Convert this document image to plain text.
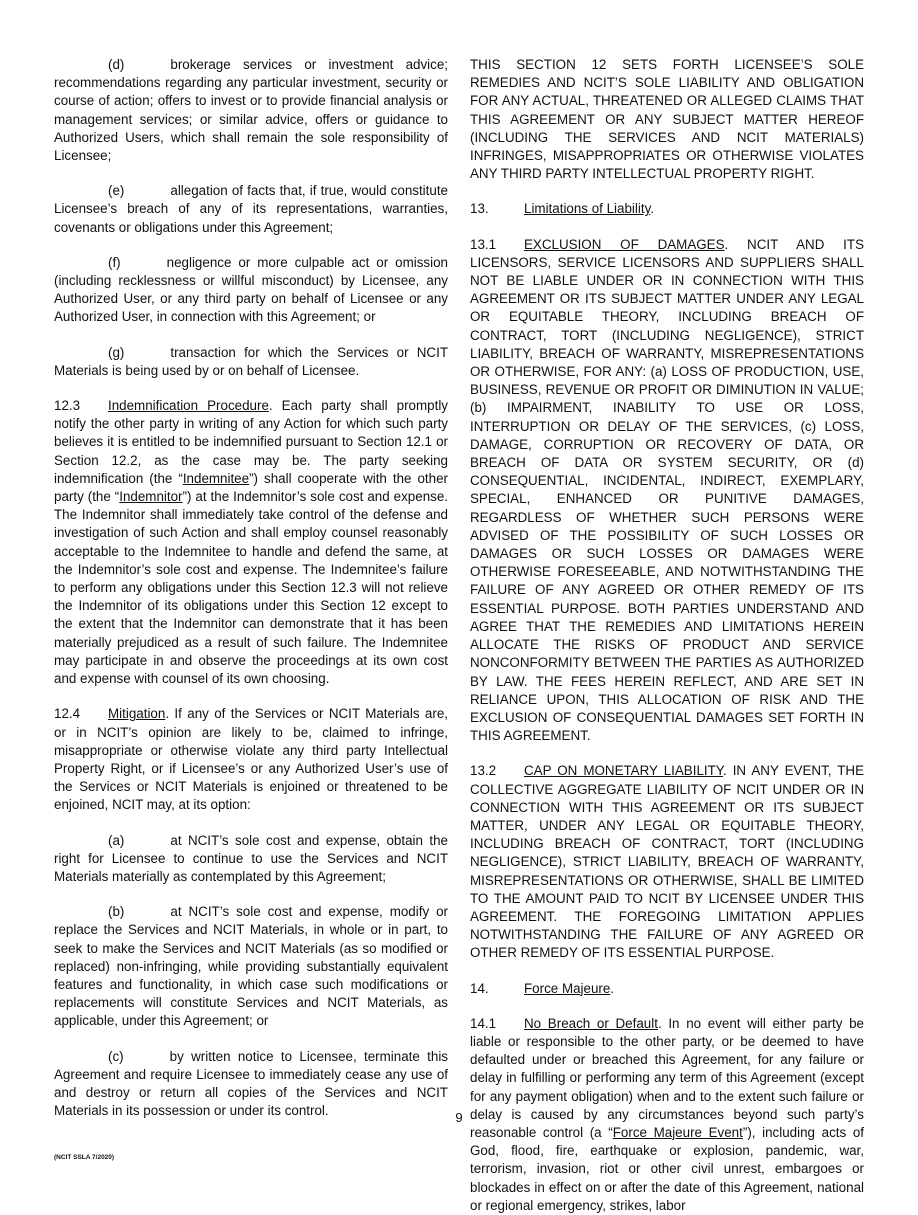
(d)	brokerage services or investment advice; recommendations regarding any particular investment, security or course of action; offers to invest or to provide financial analysis or management services; or similar advice, offers or guidance to Authorized Users, which shall remain the sole responsibility of Licensee;

(e)	allegation of facts that, if true, would constitute Licensee’s breach of any of its representations, warranties, covenants or obligations under this Agreement;

(f)	negligence or more culpable act or omission (including recklessness or willful misconduct) by Licensee, any Authorized User, or any third party on behalf of Licensee or any Authorized User, in connection with this Agreement; or

(g)	transaction for which the Services or NCIT Materials is being used by or on behalf of Licensee.

12.3 Indemnification Procedure. Each party shall promptly notify the other party in writing of any Action for which such party believes it is entitled to be indemnified pursuant to Section 12.1 or Section 12.2, as the case may be. The party seeking indemnification (the “Indemnitee”) shall cooperate with the other party (the “Indemnitor”) at the Indemnitor’s sole cost and expense. The Indemnitor shall immediately take control of the defense and investigation of such Action and shall employ counsel reasonably acceptable to the Indemnitee to handle and defend the same, at the Indemnitor’s sole cost and expense. The Indemnitee’s failure to perform any obligations under this Section 12.3 will not relieve the Indemnitor of its obligations under this Section 12 except to the extent that the Indemnitor can demonstrate that it has been materially prejudiced as a result of such failure. The Indemnitee may participate in and observe the proceedings at its own cost and expense with counsel of its own choosing.

12.4 Mitigation. If any of the Services or NCIT Materials are, or in NCIT’s opinion are likely to be, claimed to infringe, misappropriate or otherwise violate any third party Intellectual Property Right, or if Licensee’s or any Authorized User’s use of the Services or NCIT Materials is enjoined or threatened to be enjoined, NCIT may, at its option:

(a)	at NCIT’s sole cost and expense, obtain the right for Licensee to continue to use the Services and NCIT Materials materially as contemplated by this Agreement;

(b)	at NCIT’s sole cost and expense, modify or replace the Services and NCIT Materials, in whole or in part, to seek to make the Services and NCIT Materials (as so modified or replaced) non-infringing, while providing substantially equivalent features and functionality, in which case such modifications or replacements will constitute Services and NCIT Materials, as applicable, under this Agreement; or

(c)	by written notice to Licensee, terminate this Agreement and require Licensee to immediately cease any use of and destroy or return all copies of the Services and NCIT Materials in its possession or under its control.

THIS SECTION 12 SETS FORTH LICENSEE’S SOLE REMEDIES AND NCIT’S SOLE LIABILITY AND OBLIGATION FOR ANY ACTUAL, THREATENED OR ALLEGED CLAIMS THAT THIS AGREEMENT OR ANY SUBJECT MATTER HEREOF (INCLUDING THE SERVICES AND NCIT MATERIALS) INFRINGES, MISAPPROPRIATES OR OTHERWISE VIOLATES ANY THIRD PARTY INTELLECTUAL PROPERTY RIGHT.

13.	Limitations of Liability.

13.1 EXCLUSION OF DAMAGES. NCIT AND ITS LICENSORS, SERVICE LICENSORS AND SUPPLIERS SHALL NOT BE LIABLE UNDER OR IN CONNECTION WITH THIS AGREEMENT OR ITS SUBJECT MATTER UNDER ANY LEGAL OR EQUITABLE THEORY, INCLUDING BREACH OF CONTRACT, TORT (INCLUDING NEGLIGENCE), STRICT LIABILITY, BREACH OF WARRANTY, MISREPRESENTATIONS OR OTHERWISE, FOR ANY: (a) LOSS OF PRODUCTION, USE, BUSINESS, REVENUE OR PROFIT OR DIMINUTION IN VALUE; (b) IMPAIRMENT, INABILITY TO USE OR LOSS, INTERRUPTION OR DELAY OF THE SERVICES, (c) LOSS, DAMAGE, CORRUPTION OR RECOVERY OF DATA, OR BREACH OF DATA OR SYSTEM SECURITY, OR (d) CONSEQUENTIAL, INCIDENTAL, INDIRECT, EXEMPLARY, SPECIAL, ENHANCED OR PUNITIVE DAMAGES, REGARDLESS OF WHETHER SUCH PERSONS WERE ADVISED OF THE POSSIBILITY OF SUCH LOSSES OR DAMAGES OR SUCH LOSSES OR DAMAGES WERE OTHERWISE FORESEEABLE, AND NOTWITHSTANDING THE FAILURE OF ANY AGREED OR OTHER REMEDY OF ITS ESSENTIAL PURPOSE. BOTH PARTIES UNDERSTAND AND AGREE THAT THE REMEDIES AND LIMITATIONS HEREIN ALLOCATE THE RISKS OF PRODUCT AND SERVICE NONCONFORMITY BETWEEN THE PARTIES AS AUTHORIZED BY LAW. THE FEES HEREIN REFLECT, AND ARE SET IN RELIANCE UPON, THIS ALLOCATION OF RISK AND THE EXCLUSION OF CONSEQUENTIAL DAMAGES SET FORTH IN THIS AGREEMENT.

13.2 CAP ON MONETARY LIABILITY. IN ANY EVENT, THE COLLECTIVE AGGREGATE LIABILITY OF NCIT UNDER OR IN CONNECTION WITH THIS AGREEMENT OR ITS SUBJECT MATTER, UNDER ANY LEGAL OR EQUITABLE THEORY, INCLUDING BREACH OF CONTRACT, TORT (INCLUDING NEGLIGENCE), STRICT LIABILITY, BREACH OF WARRANTY, MISREPRESENTATIONS OR OTHERWISE, SHALL BE LIMITED TO THE AMOUNT PAID TO NCIT BY LICENSEE UNDER THIS AGREEMENT. THE FOREGOING LIMITATION APPLIES NOTWITHSTANDING THE FAILURE OF ANY AGREED OR OTHER REMEDY OF ITS ESSENTIAL PURPOSE.

14.	Force Majeure.

14.1 No Breach or Default. In no event will either party be liable or responsible to the other party, or be deemed to have defaulted under or breached this Agreement, for any failure or delay in fulfilling or performing any term of this Agreement (except for any payment obligation) when and to the extent such failure or delay is caused by any circumstances beyond such party’s reasonable control (a “Force Majeure Event”), including acts of God, flood, fire, earthquake or explosion, pandemic, war, terrorism, invasion, riot or other civil unrest, embargoes or blockades in effect on or after the date of this Agreement, national or regional emergency, strikes, labor

9
(NCIT SSLA 7/2020)
